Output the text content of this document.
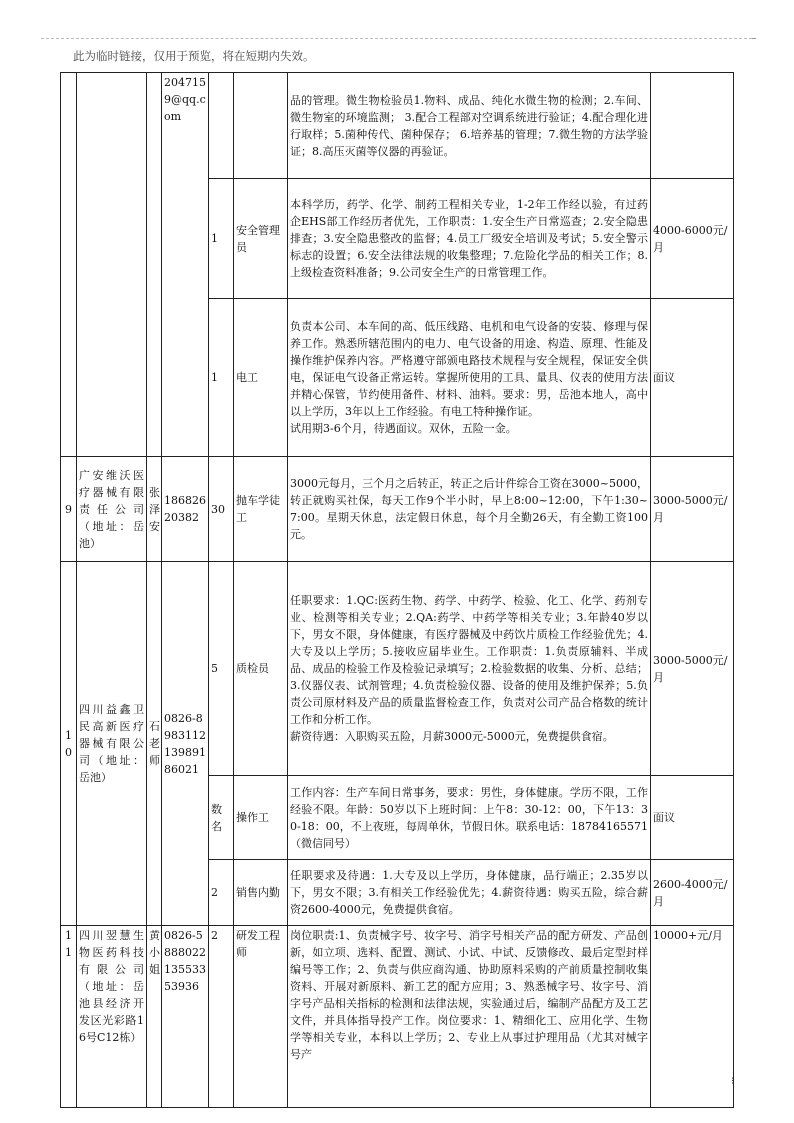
此为临时链接，仅用于预览，将在短期内失效。
			204715 9@qq.c om			品的管理。微生物检验员1.物料、成品、纯化水微生物的检测；2.车间、微生物室的环境监测； 3.配合工程部对空调系统进行验证；4.配合理化进行取样；5.菌种传代、菌种保存； 6.培养基的管理；7.微生物的方法学验证；8.高压灭菌等仪器的再验证。	
				1	安全管理员	本科学历，药学、化学、制药工程相关专业，1-2年工作经以验，有过药企EHS部工作经历者优先，工作职责：1.安全生产日常巡查；2.安全隐患排查；3.安全隐患整改的监督；4.员工厂级安全培训及考试；5.安全警示标志的设置；6.安全法律法规的收集整理；7.危险化学品的相关工作；8.上级检查资料准备；9.公司安全生产的日常管理工作。	4000-6000元/月
				1	电工	负责本公司、本车间的高、低压线路、电机和电气设备的安装、修理与保养工作。熟悉所辖范围内的电力、电气设备的用途、构造、原理、性能及操作维护保养内容。严格遵守部颁电路技术规程与安全规程，保证安全供电，保证电气设备正常运转。掌握所使用的工具、量具、仪表的使用方法并精心保管，节约使用备件、材料、油料。要求：男，岳池本地人，高中以上学历，3年以上工作经验。有电工特种操作证。
试用期3-6个月，待遇面议。双休，五险一金。	面议
9	广安维沃医疗器械有限责任公司（地址：岳池）	张泽安	186826 20382	30	抛车学徒工	3000元每月，三个月之后转正，转正之后计件综合工资在3000~5000，转正就购买社保，每天工作9个半小时，早上8:00~12:00，下午1:30~7:00。星期天休息，法定假日休息，每个月全勤26天，有全勤工资100元。	3000-5000元/月
10	四川益鑫卫民高新医疗器械有限公司（地址：岳池）	石老师	0826-8 983112 139891 86021	5	质检员	任职要求：1.QC:医药生物、药学、中药学、检验、化工、化学、药剂专业、检测等相关专业；2.QA:药学、中药学等相关专业；3.年龄40岁以下，男女不限，身体健康，有医疗器械及中药饮片质检工作经验优先；4.大专及以上学历；5.接收应届毕业生。工作职责：1.负责原辅料、半成品、成品的检验工作及检验记录填写；2.检验数据的收集、分析、总结；3.仪器仪表、试剂管理；4.负责检验仪器、设备的使用及维护保养；5.负责公司原材料及产品的质量监督检查工作，负责对公司产品合格数的统计工作和分析工作。
薪资待遇：入职购买五险，月薪3000元-5000元，免费提供食宿。	3000-5000元/月
				数名	操作工	工作内容：生产车间日常事务，要求：男性，身体健康。学历不限，工作经验不限。年龄：50岁以下上班时间：上午8：30-12：00，下午13：30-18：00，不上夜班，每周单休，节假日休。联系电话：18784165571（微信同号）	面议
				2	销售内勤	任职要求及待遇：1.大专及以上学历，身体健康，品行端正；2.35岁以下，男女不限；3.有相关工作经验优先；4.薪资待遇：购买五险，综合薪资2600-4000元，免费提供食宿。	2600-4000元/月
11	四川翌慧生物医药科技有限公司（地址：岳池县经济开发区光彩路16号C12栋）	黄小姐	0826-5 888022 135533 53936	2	研发工程师	岗位职责:1、负责械字号、妆字号、消字号相关产品的配方研发、产品创新，如立项、选料、配置、测试、小试、中试、反馈修改、最后定型封样编号等工作；2、负责与供应商沟通、协助原料采购的产前质量控制收集资料、开展对新原料、新工艺的配方应用；3、熟悉械字号、妆字号、消字号产品相关指标的检测和法律法规，实验通过后，编制产品配方及工艺文件，并具体指导投产工作。岗位要求：1、精细化工、应用化学、生物学等相关专业，本科以上学历；2、专业上从事过护理用品（尤其对械字号产	10000+元/月
⁝
